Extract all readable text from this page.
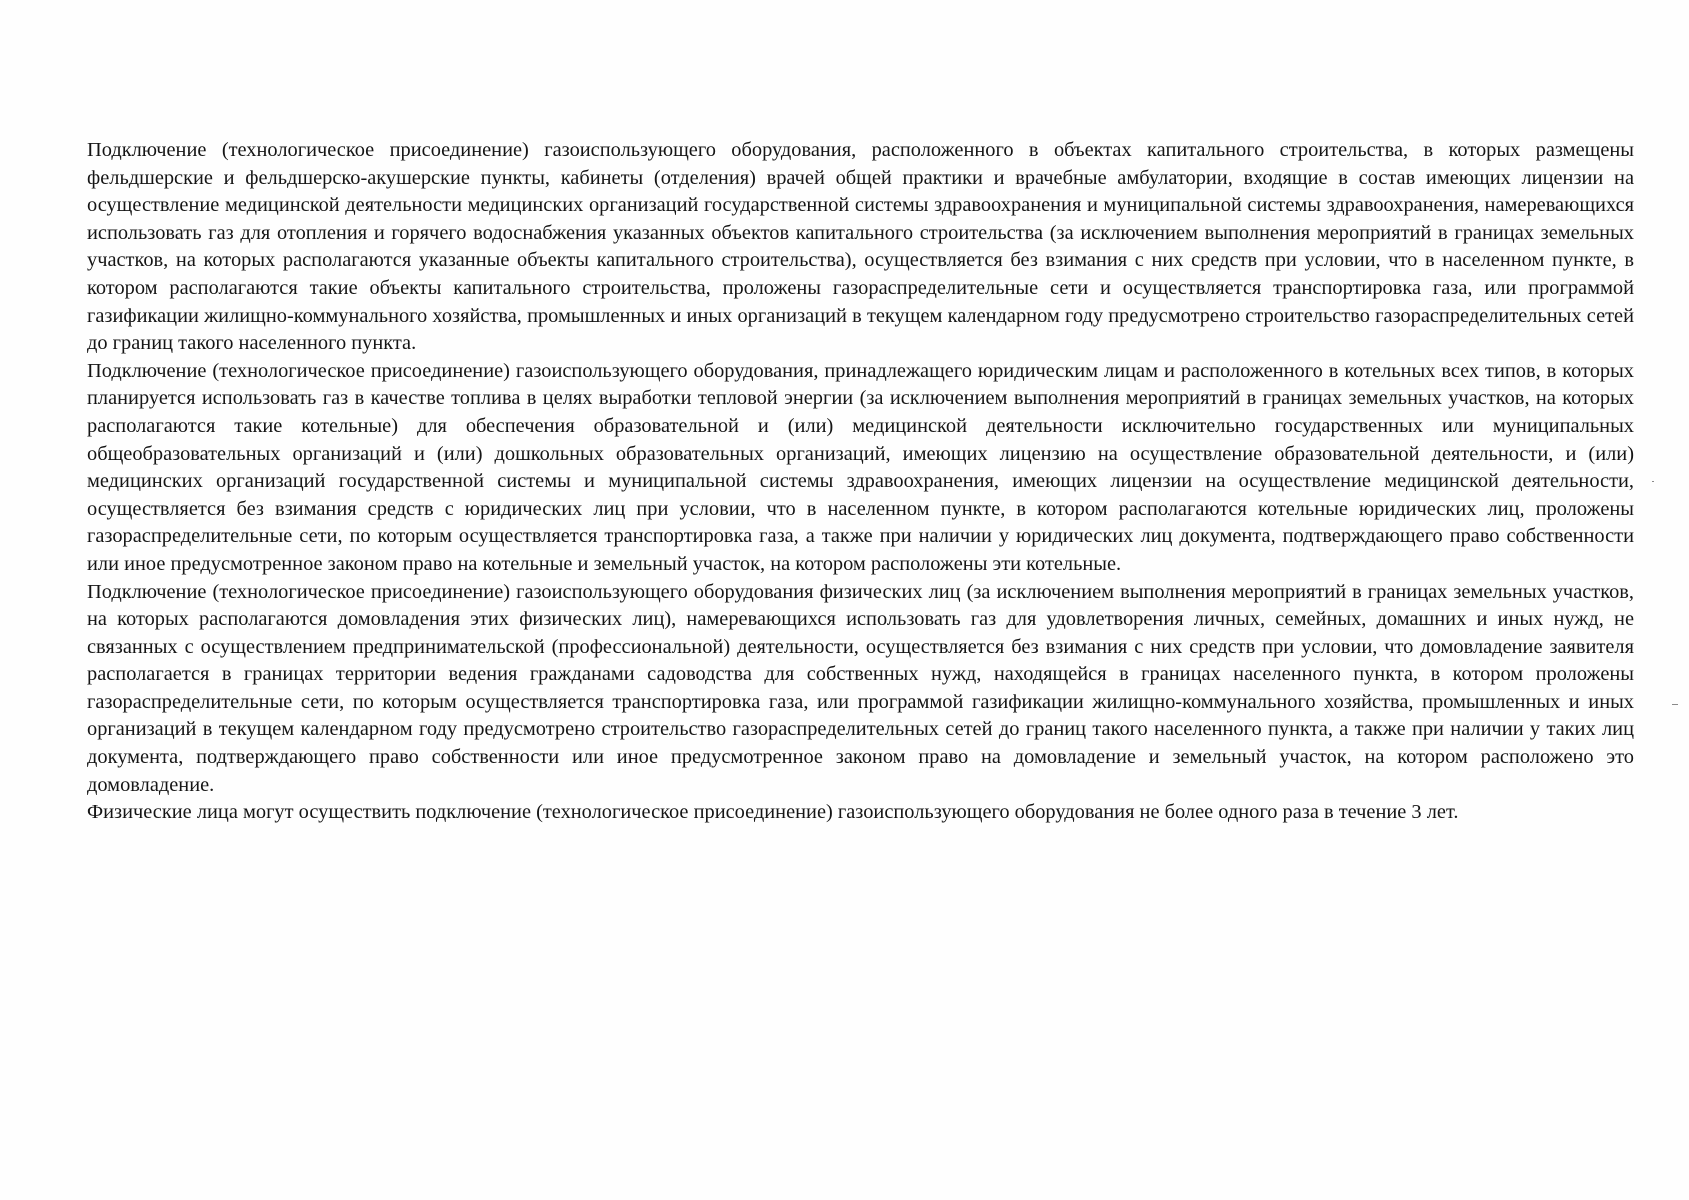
Подключение (технологическое присоединение) газоиспользующего оборудования, расположенного в объектах капитального строительства, в которых размещены фельдшерские и фельдшерско-акушерские пункты, кабинеты (отделения) врачей общей практики и врачебные амбулатории, входящие в состав имеющих лицензии на осуществление медицинской деятельности медицинских организаций государственной системы здравоохранения и муниципальной системы здравоохранения, намеревающихся использовать газ для отопления и горячего водоснабжения указанных объектов капитального строительства (за исключением выполнения мероприятий в границах земельных участков, на которых располагаются указанные объекты капитального строительства), осуществляется без взимания с них средств при условии, что в населенном пункте, в котором располагаются такие объекты капитального строительства, проложены газораспределительные сети и осуществляется транспортировка газа, или программой газификации жилищно-коммунального хозяйства, промышленных и иных организаций в текущем календарном году предусмотрено строительство газораспределительных сетей до границ такого населенного пункта.

Подключение (технологическое присоединение) газоиспользующего оборудования, принадлежащего юридическим лицам и расположенного в котельных всех типов, в которых планируется использовать газ в качестве топлива в целях выработки тепловой энергии (за исключением выполнения мероприятий в границах земельных участков, на которых располагаются такие котельные) для обеспечения образовательной и (или) медицинской деятельности исключительно государственных или муниципальных общеобразовательных организаций и (или) дошкольных образовательных организаций, имеющих лицензию на осуществление образовательной деятельности, и (или) медицинских организаций государственной системы и муниципальной системы здравоохранения, имеющих лицензии на осуществление медицинской деятельности, осуществляется без взимания средств с юридических лиц при условии, что в населенном пункте, в котором располагаются котельные юридических лиц, проложены газораспределительные сети, по которым осуществляется транспортировка газа, а также при наличии у юридических лиц документа, подтверждающего право собственности или иное предусмотренное законом право на котельные и земельный участок, на котором расположены эти котельные.

Подключение (технологическое присоединение) газоиспользующего оборудования физических лиц (за исключением выполнения мероприятий в границах земельных участков, на которых располагаются домовладения этих физических лиц), намеревающихся использовать газ для удовлетворения личных, семейных, домашних и иных нужд, не связанных с осуществлением предпринимательской (профессиональной) деятельности, осуществляется без взимания с них средств при условии, что домовладение заявителя располагается в границах территории ведения гражданами садоводства для собственных нужд, находящейся в границах населенного пункта, в котором проложены газораспределительные сети, по которым осуществляется транспортировка газа, или программой газификации жилищно-коммунального хозяйства, промышленных и иных организаций в текущем календарном году предусмотрено строительство газораспределительных сетей до границ такого населенного пункта, а также при наличии у таких лиц документа, подтверждающего право собственности или иное предусмотренное законом право на домовладение и земельный участок, на котором расположено это домовладение.

Физические лица могут осуществить подключение (технологическое присоединение) газоиспользующего оборудования не более одного раза в течение 3 лет.
